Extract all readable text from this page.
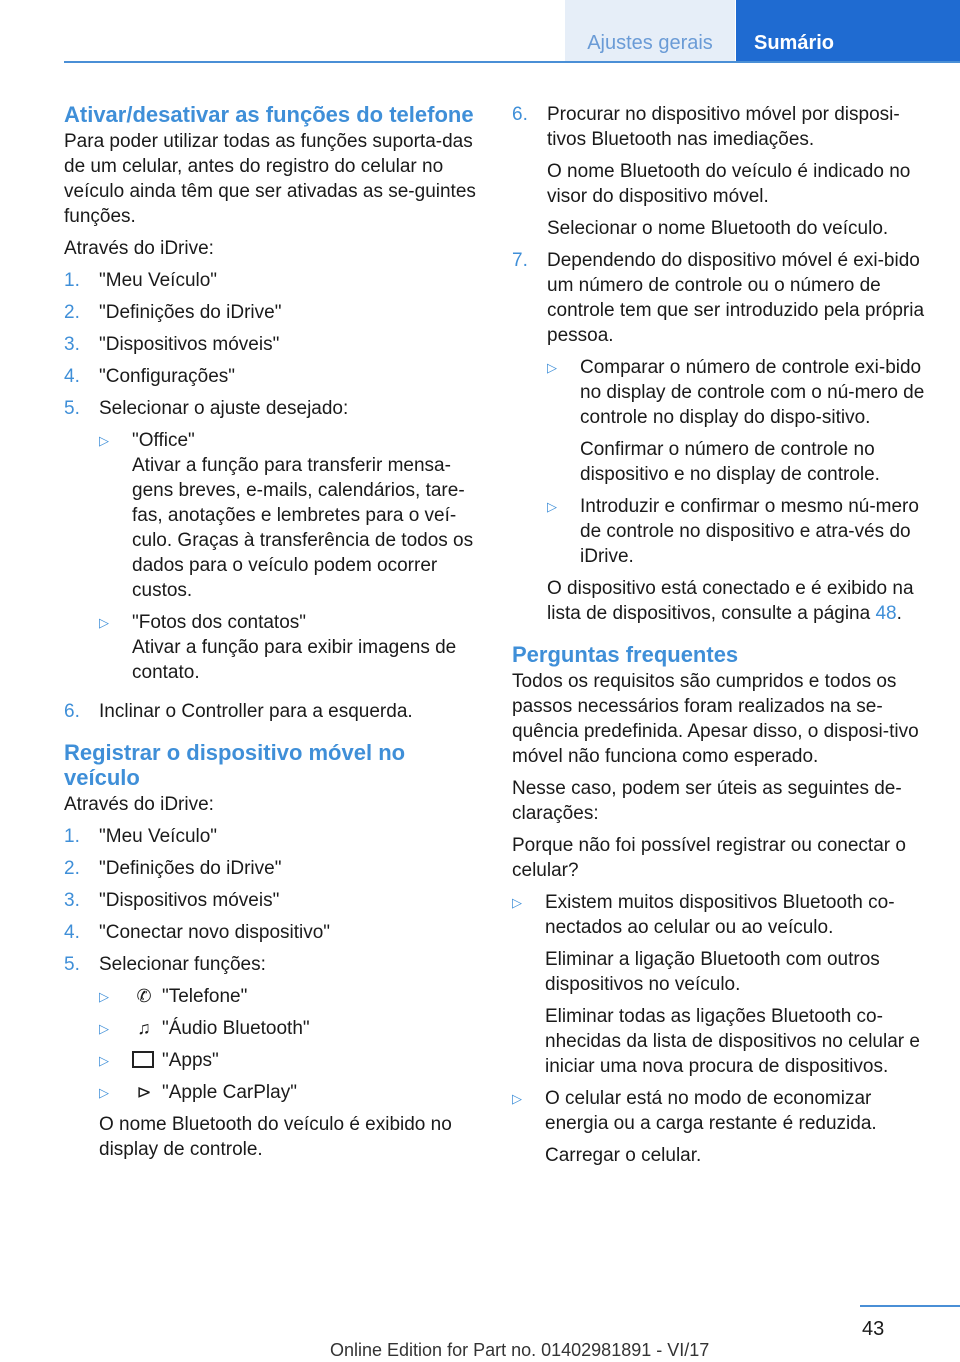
Ajustes gerais	Sumário
Ativar/desativar as funções do telefone

Para poder utilizar todas as funções suporta-das de um celular, antes do registro do celular no veículo ainda têm que ser ativadas as se-guintes funções.

Através do iDrive:

1.	"Meu Veículo"
2.	"Definições do iDrive"
3.	"Dispositivos móveis"
4.	"Configurações"
5.	Selecionar o ajuste desejado:
▷	"Office"
Ativar a função para transferir mensa-gens breves, e-mails, calendários, tare-fas, anotações e lembretes para o veí-culo. Graças à transferência de todos os dados para o veículo podem ocorrer custos.
▷	"Fotos dos contatos"
Ativar a função para exibir imagens de contato.
6.	Inclinar o Controller para a esquerda.
Registrar o dispositivo móvel no veículo

Através do iDrive:

1.	"Meu Veículo"
2.	"Definições do iDrive"
3.	"Dispositivos móveis"
4.	"Conectar novo dispositivo"
5.	Selecionar funções:
▷	✆ "Telefone"
▷	♫ "Áudio Bluetooth"
▷	"Apps"
▷	⊳ "Apple CarPlay"
O nome Bluetooth do veículo é exibido no display de controle.
6.	Procurar no dispositivo móvel por disposi-tivos Bluetooth nas imediações.
O nome Bluetooth do veículo é indicado no visor do dispositivo móvel.
Selecionar o nome Bluetooth do veículo.
7.	Dependendo do dispositivo móvel é exi-bido um número de controle ou o número de controle tem que ser introduzido pela própria pessoa.
▷	Comparar o número de controle exi-bido no display de controle com o nú-mero de controle no display do dispo-sitivo.
Confirmar o número de controle no dispositivo e no display de controle.
▷	Introduzir e confirmar o mesmo nú-mero de controle no dispositivo e atra-vés do iDrive.
O dispositivo está conectado e é exibido na lista de dispositivos, consulte a página 48.
Perguntas frequentes

Todos os requisitos são cumpridos e todos os passos necessários foram realizados na se-quência predefinida. Apesar disso, o disposi-tivo móvel não funciona como esperado.

Nesse caso, podem ser úteis as seguintes de-clarações:

Porque não foi possível registrar ou conectar o celular?

▷	Existem muitos dispositivos Bluetooth co-nectados ao celular ou ao veículo.
Eliminar a ligação Bluetooth com outros dispositivos no veículo.
Eliminar todas as ligações Bluetooth co-nhecidas da lista de dispositivos no celular e iniciar uma nova procura de dispositivos.
▷	O celular está no modo de economizar energia ou a carga restante é reduzida.
Carregar o celular.
43
Online Edition for Part no. 01402981891 - VI/17
